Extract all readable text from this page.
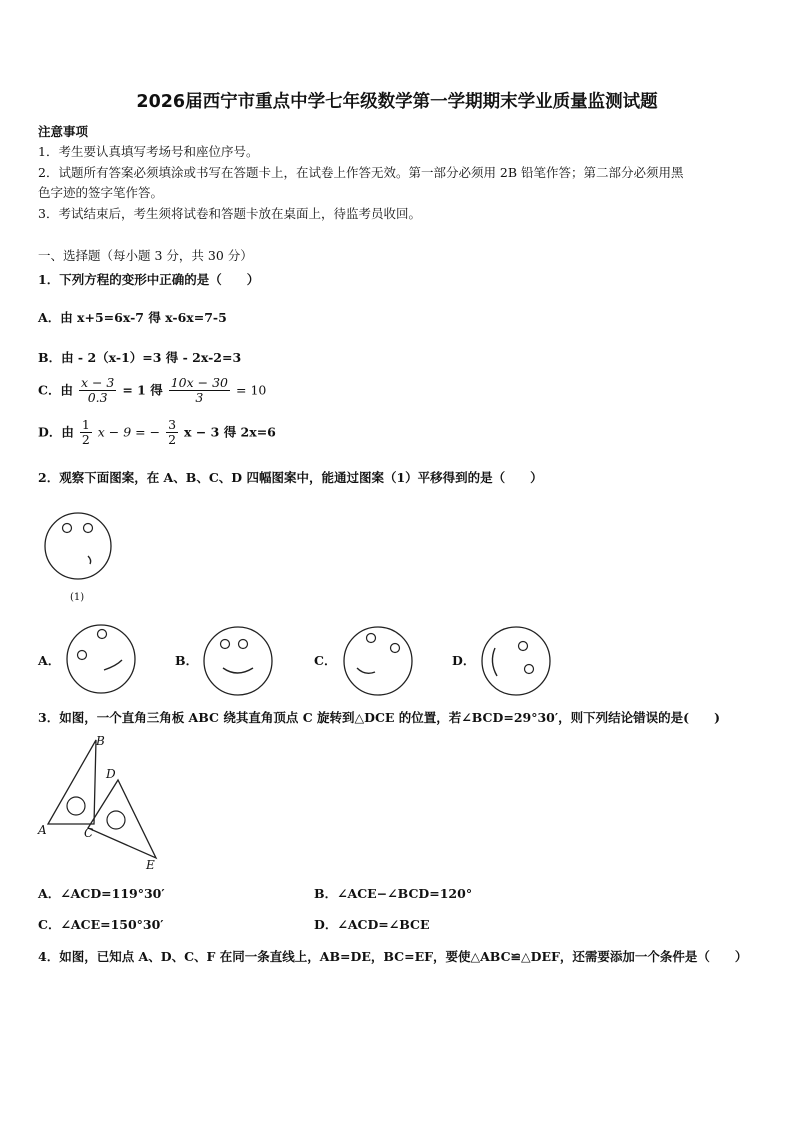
2026届西宁市重点中学七年级数学第一学期期末学业质量监测试题
注意事项
1．考生要认真填写考场号和座位序号。
2．试题所有答案必须填涂或书写在答题卡上，在试卷上作答无效。第一部分必须用 2B 铅笔作答；第二部分必须用黑
色字迹的签字笔作答。
3．考试结束后，考生须将试卷和答题卡放在桌面上，待监考员收回。
一、选择题（每小题 3 分，共 30 分）
1．下列方程的变形中正确的是（　　）
A．由 x+5=6x-7 得 x-6x=7-5
B．由 - 2（x-1）=3 得 - 2x-2=3
C．由 $\frac{x - 3}{0.3} = 1$ 得 $\frac{10x - 30}{3} = 10$
D．由 $\frac{1}{2}$ x − 9 = − $\frac{3}{2}$ x − 3 得 2x=6
2．观察下面图案，在 A、B、C、D 四幅图案中，能通过图案（1）平移得到的是（　　）
(1)
A．	B．	C．	D．
3．如图，一个直角三角板 ABC 绕其直角顶点 C 旋转到△DCE 的位置，若∠BCD=29°30′，则下列结论错误的是(　　)
B
D
A	C
E
A．∠ACD=119°30′	B．∠ACE−∠BCD=120°
C．∠ACE=150°30′	D．∠ACD=∠BCE
4．如图，已知点 A、D、C、F 在同一条直线上，AB=DE，BC=EF，要使△ABC≌△DEF，还需要添加一个条件是（　　）
